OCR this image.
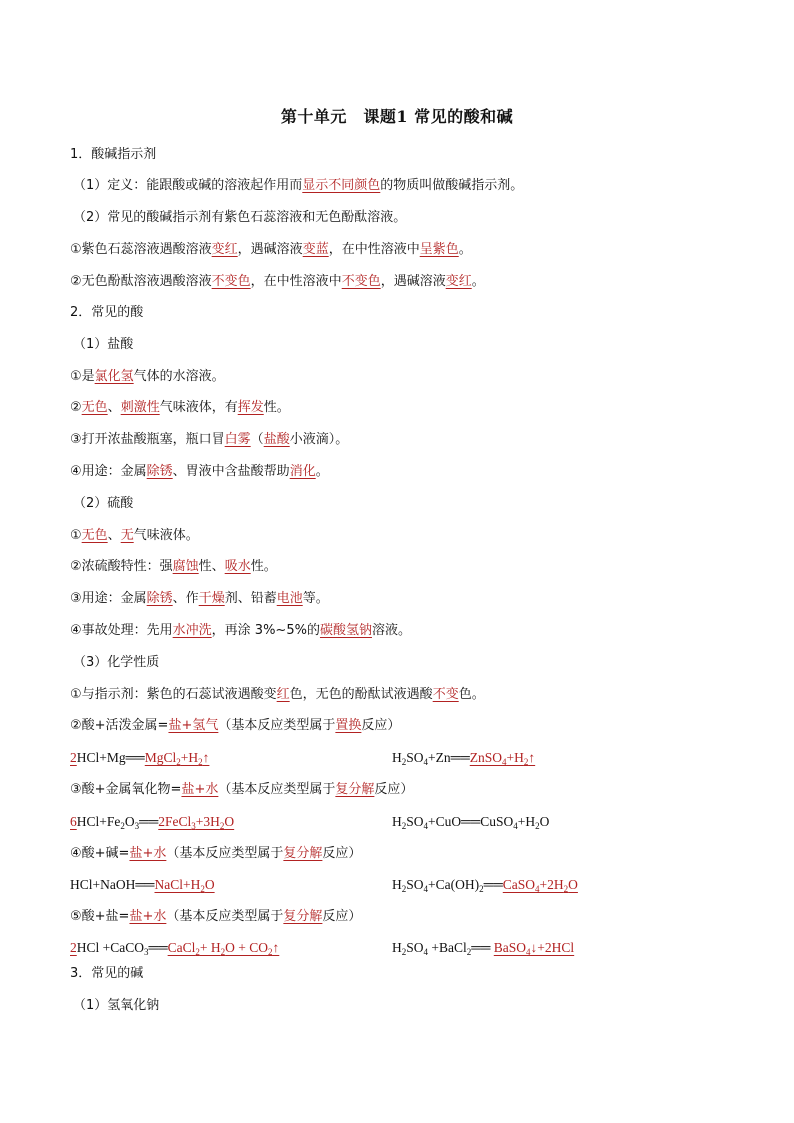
第十单元　课题1 常见的酸和碱
1．酸碱指示剂
（1）定义：能跟酸或碱的溶液起作用而显示不同颜色的物质叫做酸碱指示剂。
（2）常见的酸碱指示剂有紫色石蕊溶液和无色酚酞溶液。
①紫色石蕊溶液遇酸溶液变红，遇碱溶液变蓝，在中性溶液中呈紫色。
②无色酚酞溶液遇酸溶液不变色，在中性溶液中不变色，遇碱溶液变红。
2．常见的酸
（1）盐酸
①是氯化氢气体的水溶液。
②无色、刺激性气味液体，有挥发性。
③打开浓盐酸瓶塞，瓶口冒白雾（盐酸小液滴）。
④用途：金属除锈、胃液中含盐酸帮助消化。
（2）硫酸
①无色、无气味液体。
②浓硫酸特性：强腐蚀性、吸水性。
③用途：金属除锈、作干燥剂、铅蓄电池等。
④事故处理：先用水冲洗，再涂 3%~5%的碳酸氢钠溶液。
（3）化学性质
①与指示剂：紫色的石蕊试液遇酸变红色，无色的酚酞试液遇酸不变色。
②酸+活泼金属=盐+氢气（基本反应类型属于置换反应）
$2HCl+Mg══MgCl_2+H_2↑$	$H_2SO_4+Zn══ZnSO_4+H_2↑$
③酸+金属氧化物=盐+水（基本反应类型属于复分解反应）
$6HCl+Fe_2O_3══2FeCl_3+3H_2O$	$H_2SO_4+CuO══CuSO_4+H_2O$
④酸+碱=盐+水（基本反应类型属于复分解反应）
$HCl+NaOH══NaCl+H_2O$	$H_2SO_4+Ca(OH)_2══CaSO_4+2H_2O$
⑤酸+盐=盐+水（基本反应类型属于复分解反应）
2HCl +CaCO$_3$══CaCl$_2$+ $H_2O$ + $CO_2↑$	$H_2SO_4$ +BaCl$_2$══ BaSO$_4$↓+2HCl
3．常见的碱
（1）氢氧化钠
